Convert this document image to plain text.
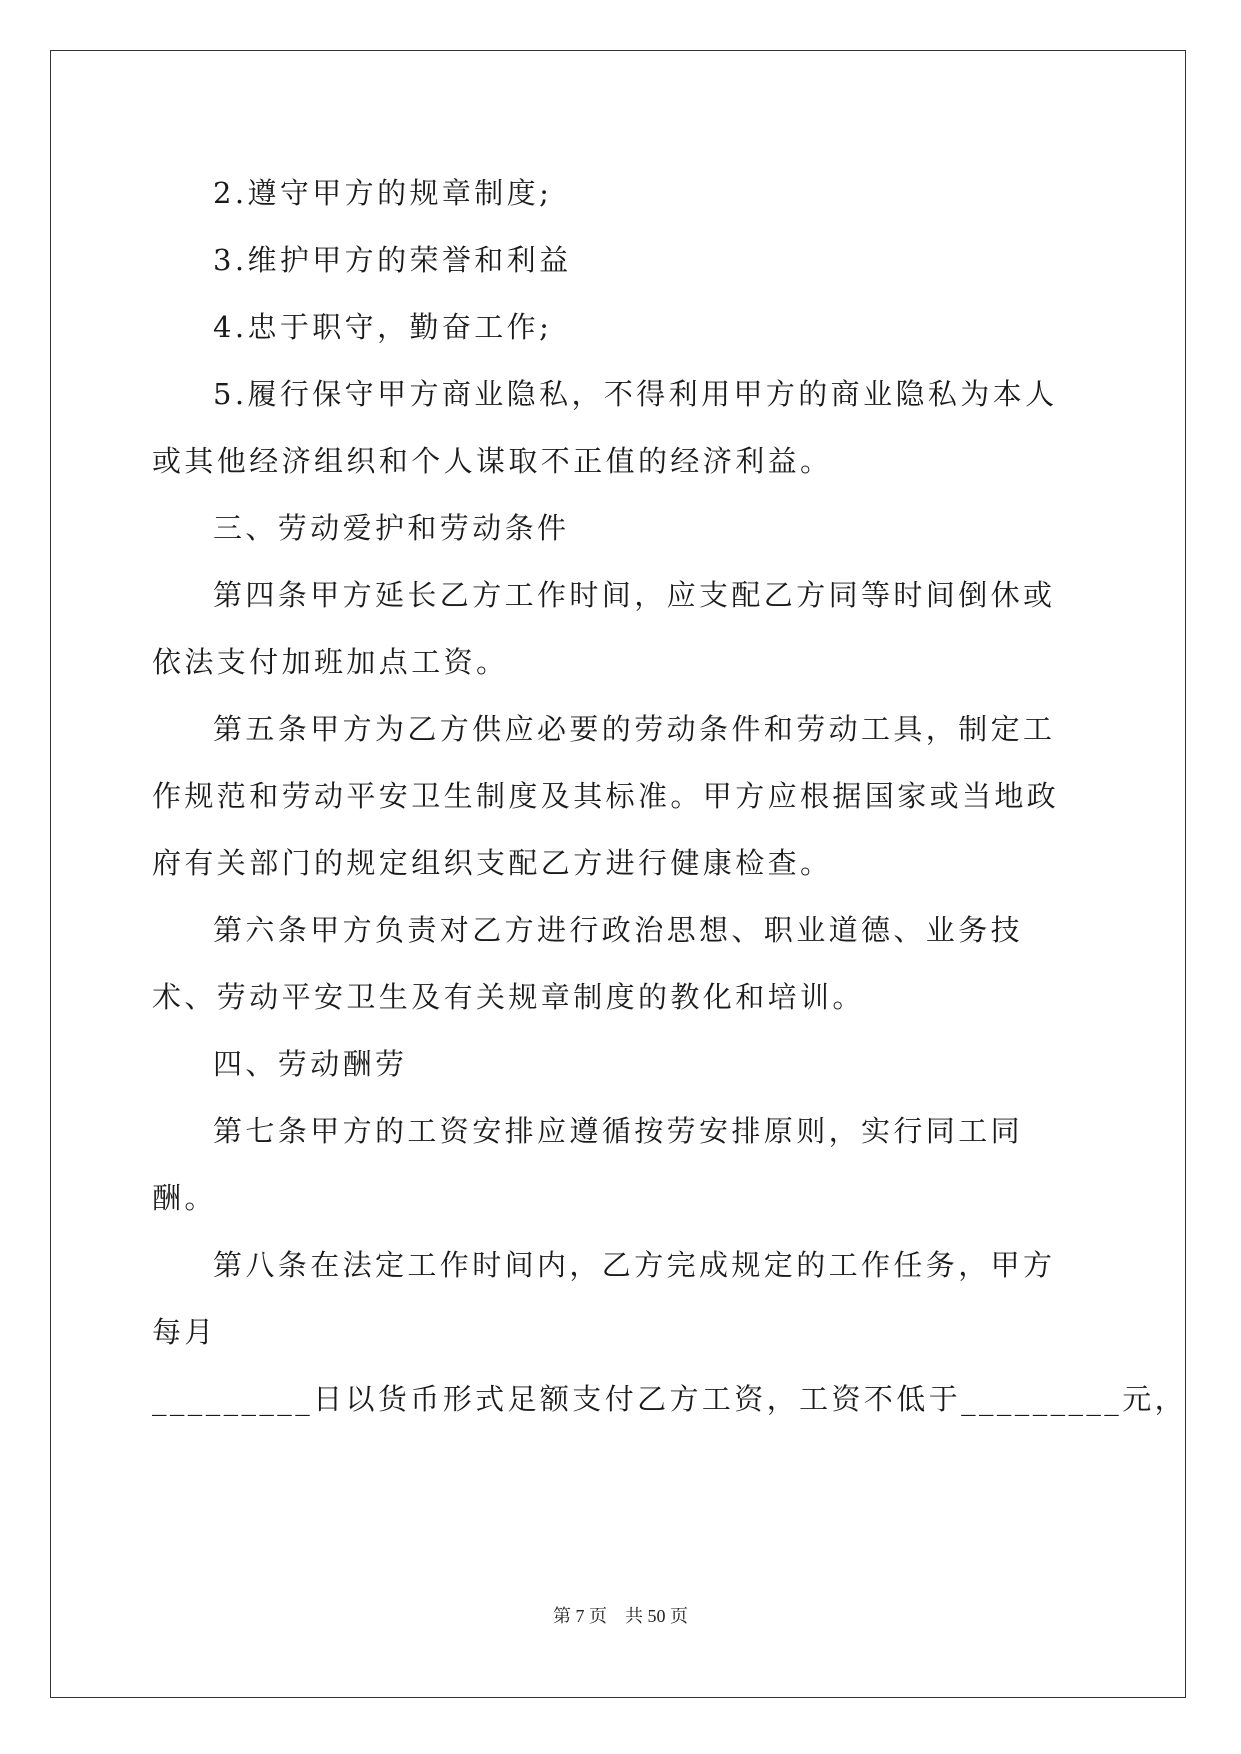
2.遵守甲方的规章制度;

3.维护甲方的荣誉和利益

4.忠于职守，勤奋工作;

5.履行保守甲方商业隐私，不得利用甲方的商业隐私为本人或其他经济组织和个人谋取不正值的经济利益。

三、劳动爱护和劳动条件

第四条甲方延长乙方工作时间，应支配乙方同等时间倒休或依法支付加班加点工资。

第五条甲方为乙方供应必要的劳动条件和劳动工具，制定工作规范和劳动平安卫生制度及其标准。甲方应根据国家或当地政府有关部门的规定组织支配乙方进行健康检查。

第六条甲方负责对乙方进行政治思想、职业道德、业务技术、劳动平安卫生及有关规章制度的教化和培训。

四、劳动酬劳

第七条甲方的工资安排应遵循按劳安排原则，实行同工同酬。

第八条在法定工作时间内，乙方完成规定的工作任务，甲方每月

_________日以货币形式足额支付乙方工资，工资不低于_________元，
第 7 页 共 50 页
